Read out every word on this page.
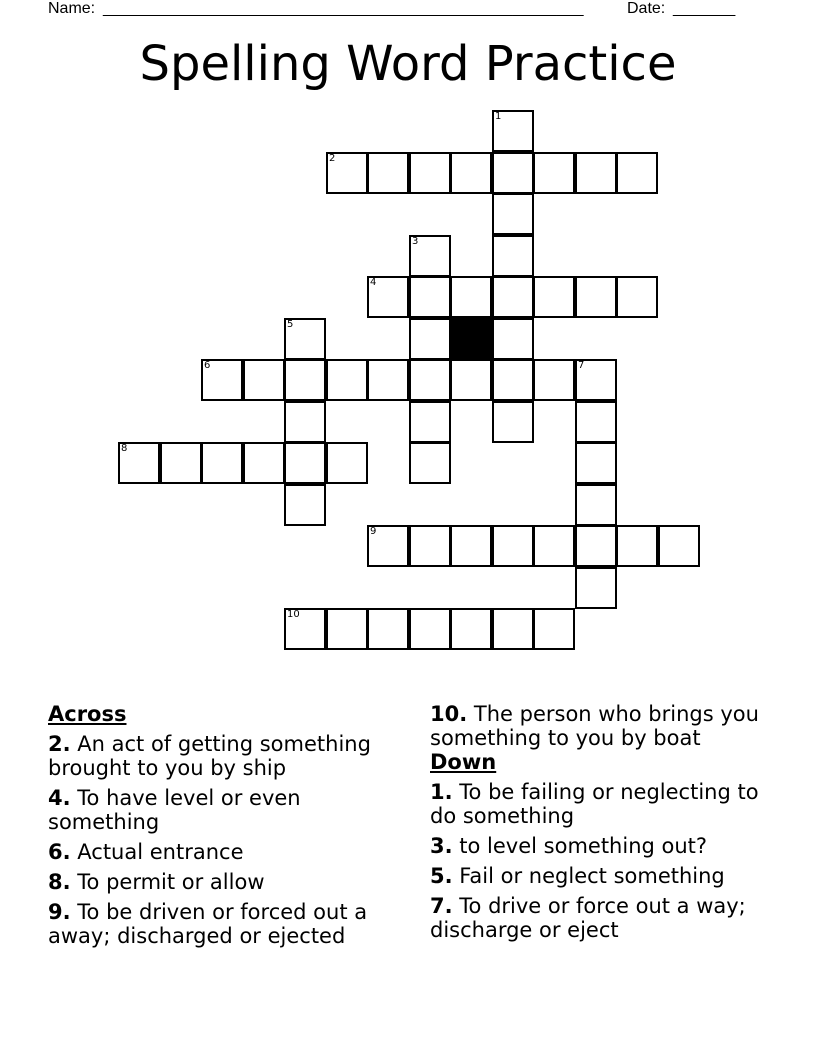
Name: ______________________________________________________	Date: _______
Spelling Word Practice
1
2
3
4
5
6	7
8
9
10
Across
2. An act of getting something brought to you by ship
4. To have level or even something
6. Actual entrance
8. To permit or allow
9. To be driven or forced out a away; discharged or ejected
10. The person who brings you something to you by boat
Down
1. To be failing or neglecting to do something
3. to level something out?
5. Fail or neglect something
7. To drive or force out a way; discharge or eject
